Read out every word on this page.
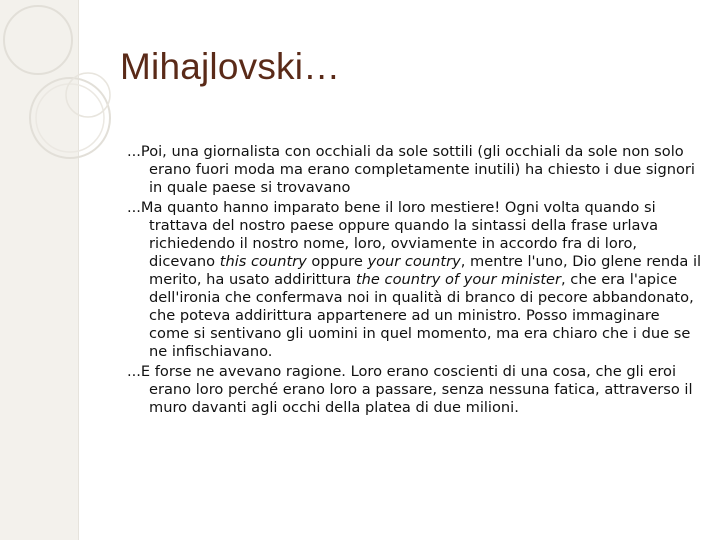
Mihajlovski…

...Poi, una giornalista con occhiali da sole sottili (gli occhiali da sole non solo erano fuori moda ma erano completamente inutili) ha chiesto i due signori in quale paese si trovavano

...Ma quanto hanno imparato bene il loro mestiere! Ogni volta quando si trattava del nostro paese oppure quando la sintassi della frase urlava richiedendo il nostro nome, loro, ovviamente in accordo fra di loro, dicevano this country oppure your country, mentre l'uno, Dio glene renda il merito, ha usato addirittura the country of your minister, che era l'apice dell'ironia che confermava noi in qualità di branco di pecore abbandonato, che poteva addirittura appartenere ad un ministro. Posso immaginare come si sentivano gli uomini in quel momento, ma era chiaro che i due se ne infischiavano.

...E forse ne avevano ragione. Loro erano coscienti di una cosa, che gli eroi erano loro perché erano loro a passare, senza nessuna fatica, attraverso il muro davanti agli occhi della platea di due milioni.
